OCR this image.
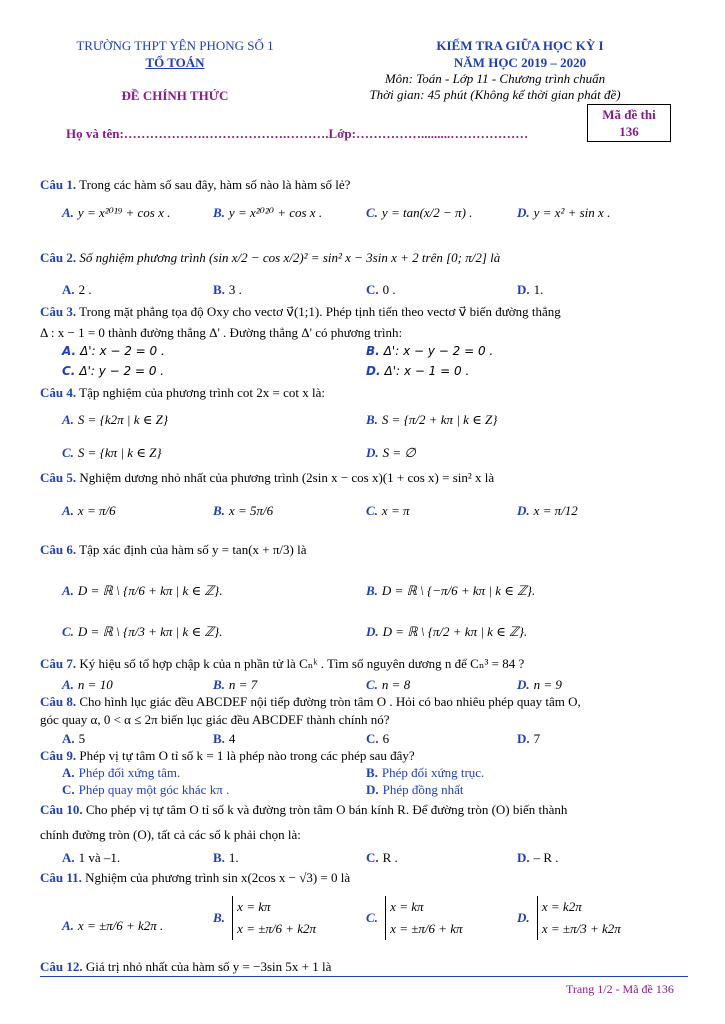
TRƯỜNG THPT YÊN PHONG SỐ 1
TỔ TOÁN
ĐỀ CHÍNH THỨC
KIỂM TRA GIỮA HỌC KỲ I
NĂM HỌC 2019 – 2020
Môn: Toán - Lớp 11 - Chương trình chuẩn
Thời gian: 45 phút (Không kể thời gian phát đề)
Mã đề thi
136
Họ và tên:……………….……………….……….Lớp:…………….........………………
Câu 1. Trong các hàm số sau đây, hàm số nào là hàm số lẻ?
A. y = x²⁰¹⁹ + cos x .	B. y = x²⁰²⁰ + cos x .	C. y = tan(x/2 − π) .	D. y = x² + sin x .
Câu 2. Số nghiệm phương trình (sin x/2 − cos x/2)² = sin² x − 3sin x + 2 trên [0; π/2] là
A. 2 .	B. 3 .	C. 0 .	D. 1.
Câu 3. Trong mặt phẳng tọa độ Oxy cho vectơ v⃗(1;1). Phép tịnh tiến theo vectơ v⃗ biến đường thẳng
Δ : x − 1 = 0 thành đường thẳng Δ' . Đường thẳng Δ' có phương trình:
A. Δ': x − 2 = 0 .	B. Δ': x − y − 2 = 0 .
C. Δ': y − 2 = 0 .	D. Δ': x − 1 = 0 .
Câu 4. Tập nghiệm của phương trình cot 2x = cot x là:
A. S = {k2π | k ∈ Z}	B. S = {π/2 + kπ | k ∈ Z}
C. S = {kπ | k ∈ Z}	D. S = ∅
Câu 5. Nghiệm dương nhỏ nhất của phương trình (2sin x − cos x)(1 + cos x) = sin² x là
A. x = π/6	B. x = 5π/6	C. x = π	D. x = π/12
Câu 6. Tập xác định của hàm số y = tan(x + π/3) là
A. D = ℝ \ {π/6 + kπ | k ∈ ℤ}.	B. D = ℝ \ {−π/6 + kπ | k ∈ ℤ}.
C. D = ℝ \ {π/3 + kπ | k ∈ ℤ}.	D. D = ℝ \ {π/2 + kπ | k ∈ ℤ}.
Câu 7. Ký hiệu số tổ hợp chập k của n phần tử là Cₙᵏ . Tìm số nguyên dương n để Cₙ³ = 84 ?
A. n = 10	B. n = 7	C. n = 8	D. n = 9
Câu 8. Cho hình lục giác đều ABCDEF nội tiếp đường tròn tâm O . Hỏi có bao nhiêu phép quay tâm O,
góc quay α, 0 < α ≤ 2π biến lục giác đều ABCDEF thành chính nó?
A. 5	B. 4	C. 6	D. 7
Câu 9. Phép vị tự tâm O tỉ số k = 1 là phép nào trong các phép sau đây?
A. Phép đối xứng tâm.	B. Phép đối xứng trục.
C. Phép quay một góc khác kπ .	D. Phép đồng nhất
Câu 10. Cho phép vị tự tâm O tỉ số k và đường tròn tâm O bán kính R. Để đường tròn (O) biến thành
chính đường tròn (O), tất cả các số k phải chọn là:
A. 1 và –1.	B. 1.	C. R .	D. – R .
Câu 11. Nghiệm của phương trình sin x(2cos x − √3) = 0 là
A. x = ±π/6 + k2π .
B.
x = kπ
x = ±π/6 + k2π
C.
x = kπ
x = ±π/6 + kπ
D.
x = k2π
x = ±π/3 + k2π
Câu 12. Giá trị nhỏ nhất của hàm số y = −3sin 5x + 1 là
Trang 1/2 - Mã đề 136
